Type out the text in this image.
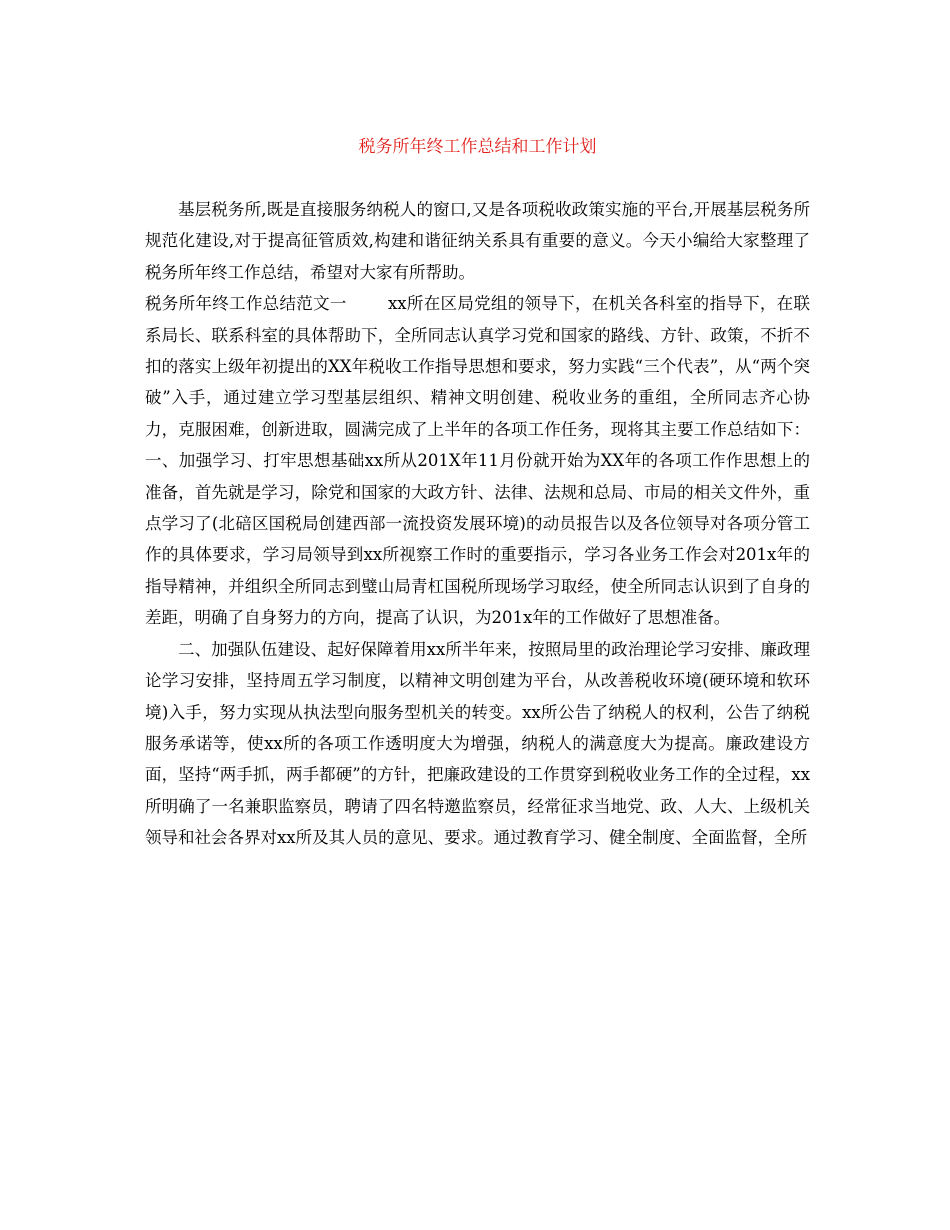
税务所年终工作总结和工作计划

基层税务所,既是直接服务纳税人的窗口,又是各项税收政策实施的平台,开展基层税务所规范化建设,对于提高征管质效,构建和谐征纳关系具有重要的意义。今天小编给大家整理了税务所年终工作总结，希望对大家有所帮助。

税务所年终工作总结范文一	xx所在区局党组的领导下，在机关各科室的指导下，在联系局长、联系科室的具体帮助下，全所同志认真学习党和国家的路线、方针、政策，不折不扣的落实上级年初提出的XX年税收工作指导思想和要求，努力实践“三个代表”，从“两个突破”入手，通过建立学习型基层组织、精神文明创建、税收业务的重组，全所同志齐心协力，克服困难，创新进取，圆满完成了上半年的各项工作任务，现将其主要工作总结如下： 一、加强学习、打牢思想基础xx所从201X年11月份就开始为XX年的各项工作作思想上的准备，首先就是学习，除党和国家的大政方针、法律、法规和总局、市局的相关文件外，重点学习了(北碚区国税局创建西部一流投资发展环境)的动员报告以及各位领导对各项分管工作的具体要求，学习局领导到xx所视察工作时的重要指示，学习各业务工作会对201x年的指导精神，并组织全所同志到璧山局青杠国税所现场学习取经，使全所同志认识到了自身的差距，明确了自身努力的方向，提高了认识，为201x年的工作做好了思想准备。

二、加强队伍建设、起好保障着用xx所半年来，按照局里的政治理论学习安排、廉政理论学习安排，坚持周五学习制度，以精神文明创建为平台，从改善税收环境(硬环境和软环境)入手，努力实现从执法型向服务型机关的转变。xx所公告了纳税人的权利，公告了纳税服务承诺等，使xx所的各项工作透明度大为增强，纳税人的满意度大为提高。廉政建设方面，坚持“两手抓，两手都硬”的方针，把廉政建设的工作贯穿到税收业务工作的全过程，xx所明确了一名兼职监察员，聘请了四名特邀监察员，经常征求当地党、政、人大、上级机关领导和社会各界对xx所及其人员的意见、要求。通过教育学习、健全制度、全面监督，全所
